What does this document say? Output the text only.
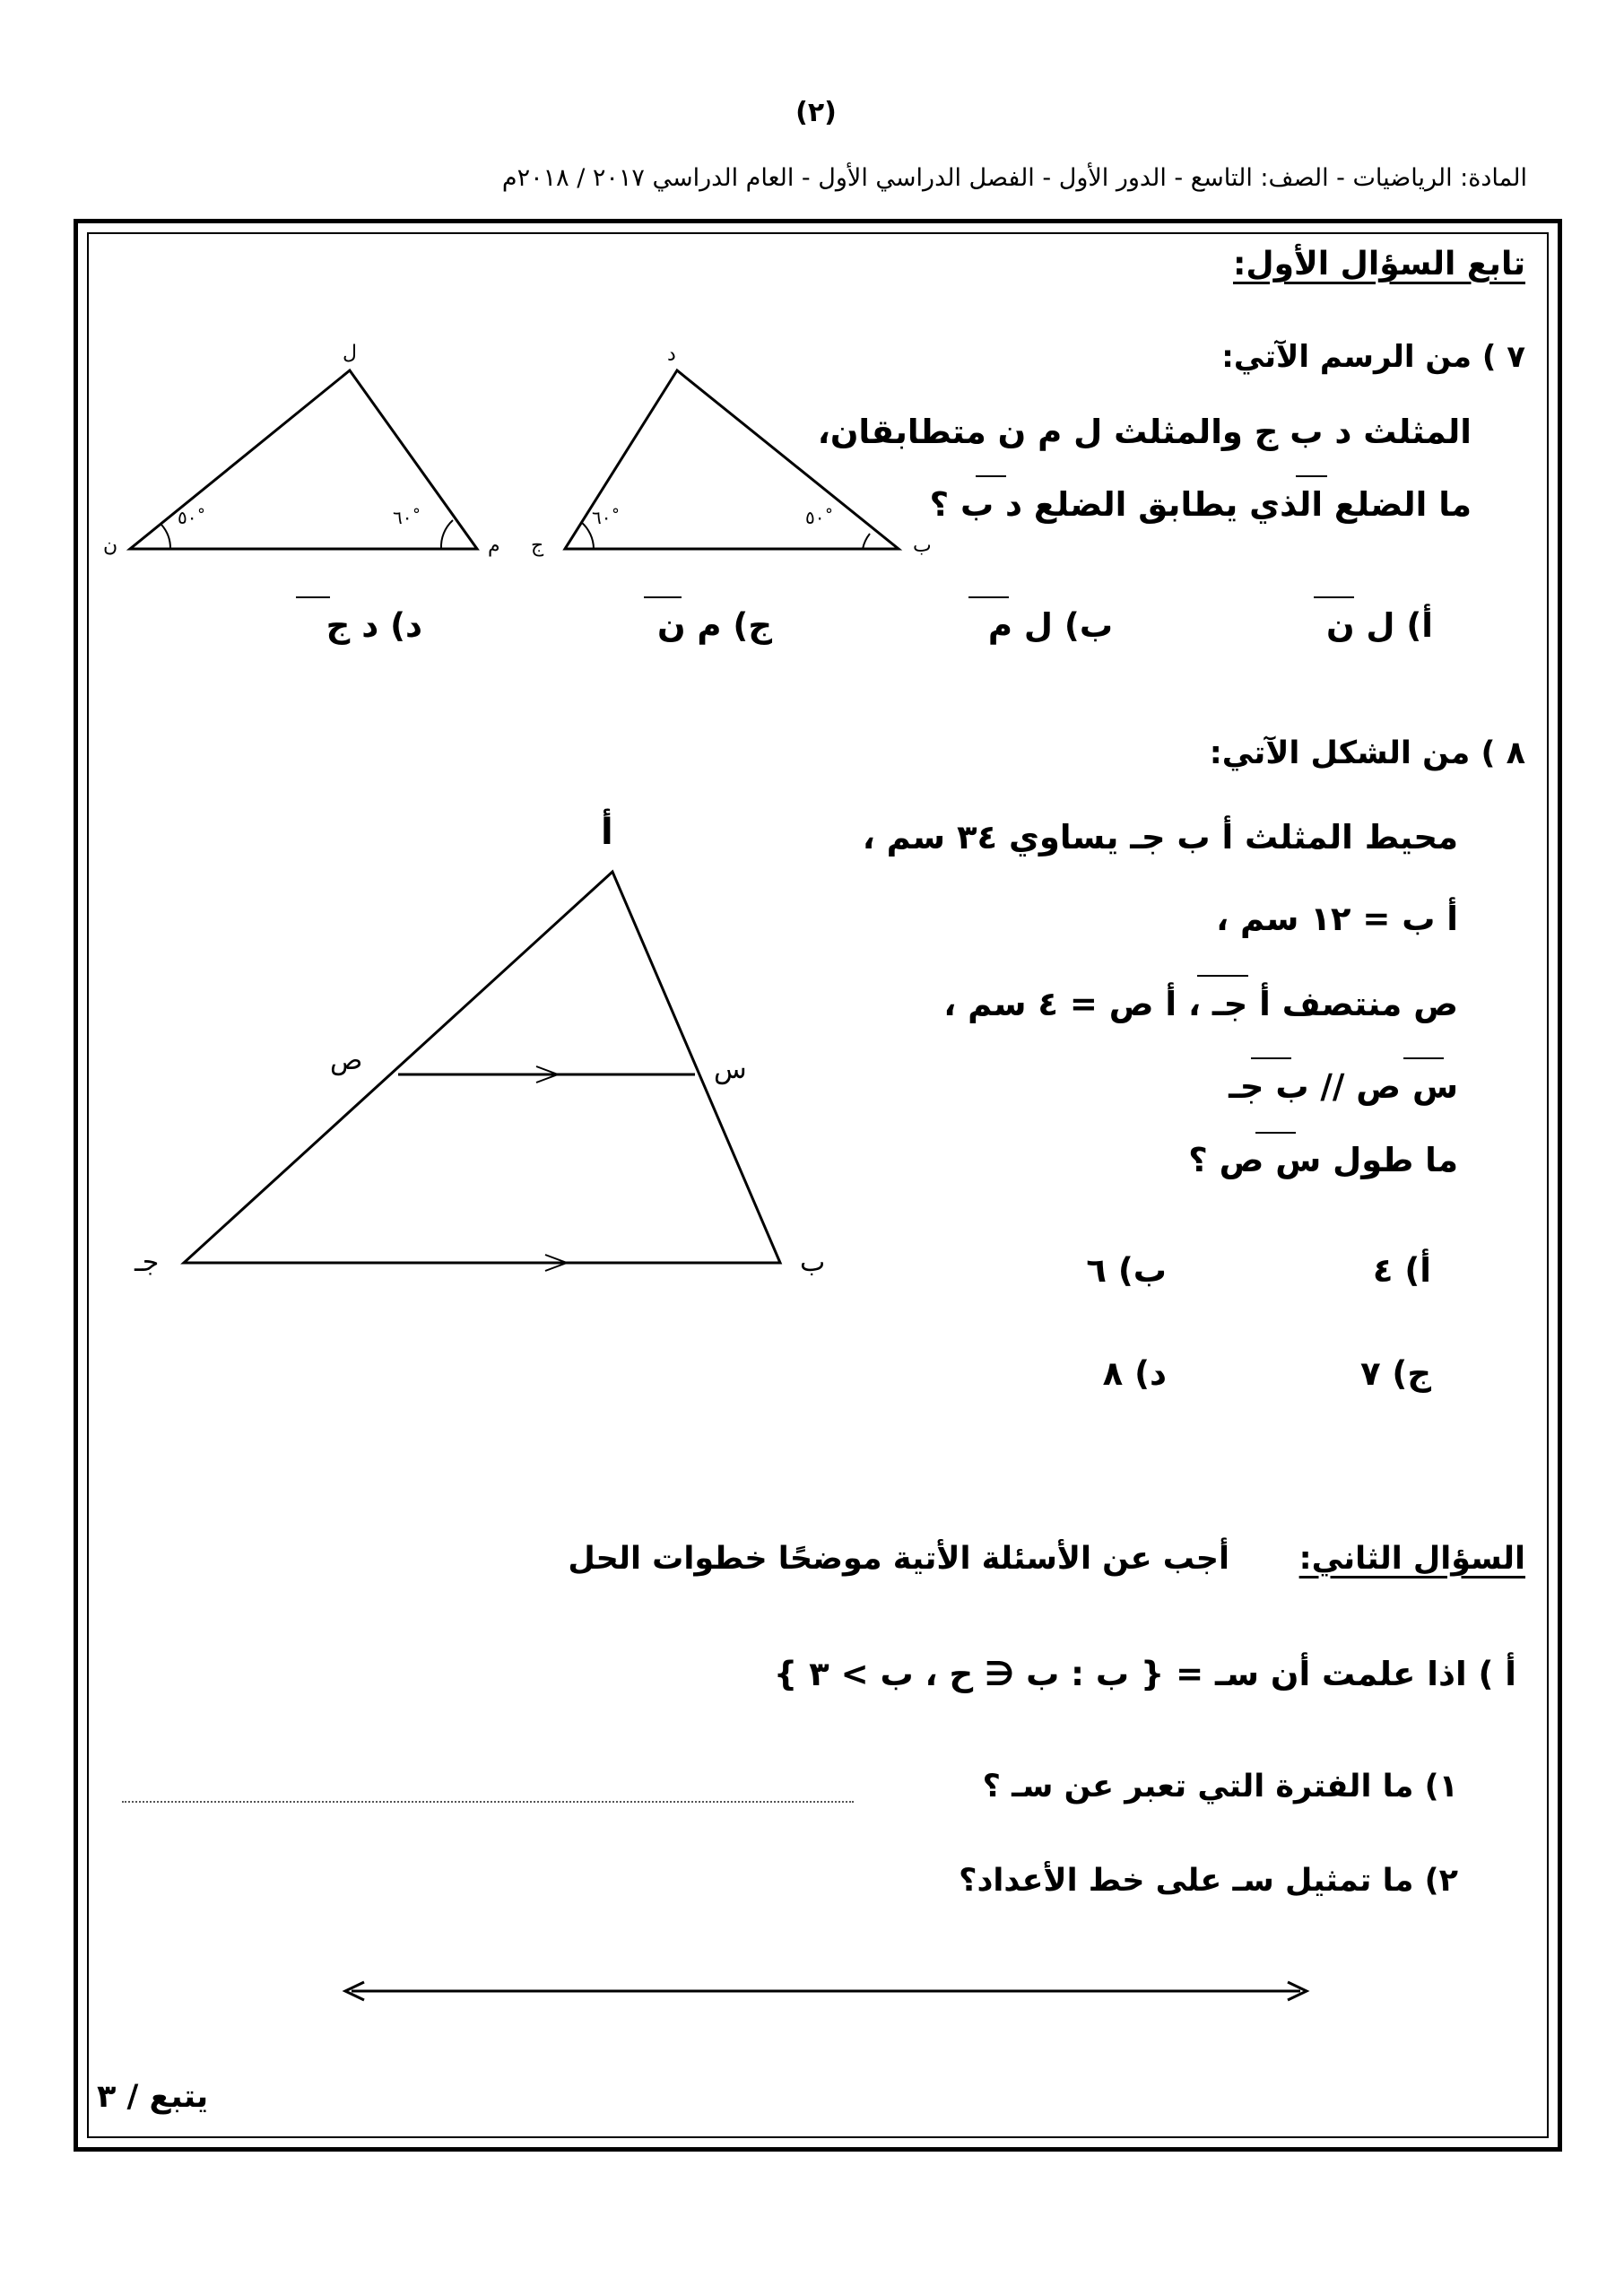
(٢)
المادة: الرياضيات - الصف: التاسع - الدور الأول - الفصل الدراسي الأول - العام الدراسي ٢٠١٧ / ٢٠١٨م
تابع السؤال الأول:
٧ ) من الرسم الآتي:
المثلث د ب ج والمثلث ل م ن متطابقان،
ما الضلع الذي يطابق الضلع د ب ؟
د
ج	ب
٦٠ْ	٥٠ْ
ل
ن	م
٥٠ْ	٦٠ْ
أ) ل ن
ب) ل م
ج) م ن
د) د ج
٨ ) من الشكل الآتي:
محيط المثلث أ ب جـ يساوي ٣٤ سم ،
أ ب = ١٢ سم ،
ص منتصف أ جـ ، أ ص = ٤ سم ،
س ص // ب جـ
ما طول س ص ؟
أ
جـ	ب
ص	س
أ) ٤
ب) ٦
ج) ٧
د) ٨
السؤال الثاني:
أجب عن الأسئلة الأتية موضحًا خطوات الحل
أ ) اذا علمت أن سـ = { ب : ب ∈ ح ، ب > ٣ }
١) ما الفترة التي تعبر عن سـ ؟
٢) ما تمثيل سـ على خط الأعداد؟
يتبع / ٣
